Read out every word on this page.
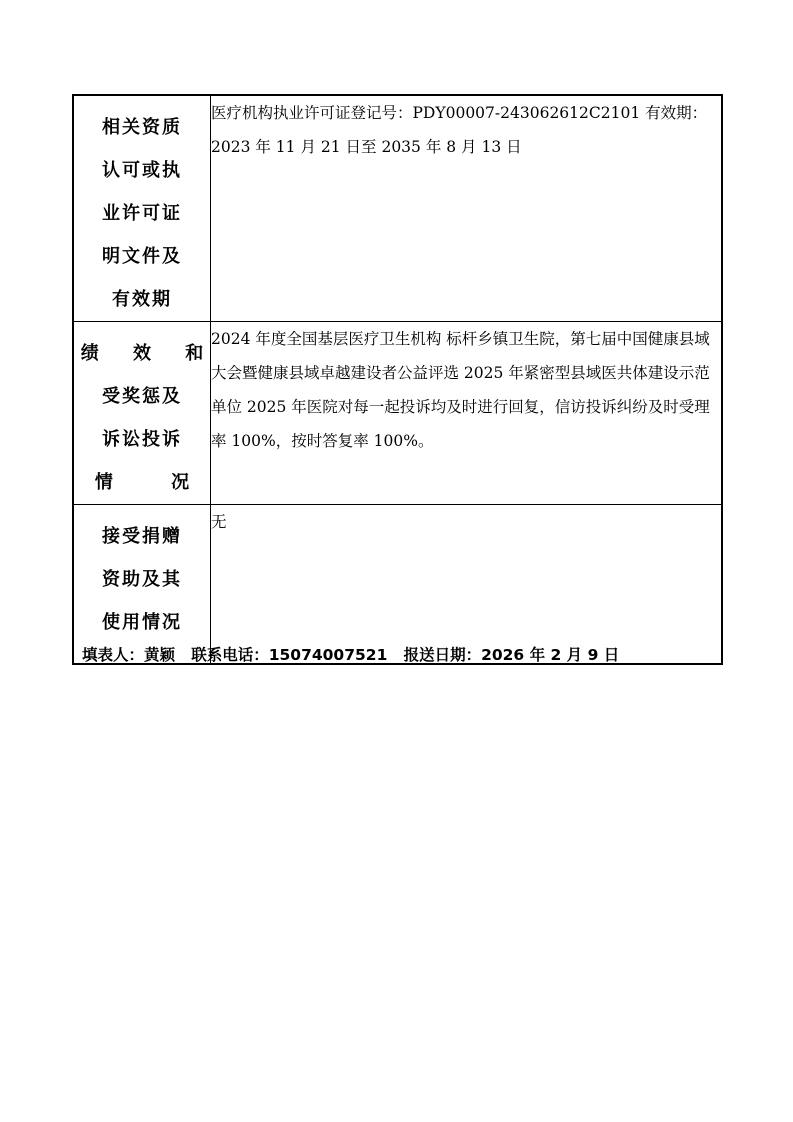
相关资质
认可或执
业许可证
明文件及
有效期	医疗机构执业许可证登记号：PDY00007-243062612C2101 有效期：2023 年 11 月 21 日至 2035 年 8 月 13 日

绩 效 和
受奖惩及
诉讼投诉
情 况	2024 年度全国基层医疗卫生机构 标杆乡镇卫生院，第七届中国健康县域大会暨健康县域卓越建设者公益评选 2025 年紧密型县域医共体建设示范单位 2025 年医院对每一起投诉均及时进行回复，信访投诉纠纷及时受理率 100%，按时答复率 100%。

接受捐赠
资助及其
使用情况	无
填表人：黄颖 联系电话：15074007521 报送日期：2026 年 2 月 9 日
